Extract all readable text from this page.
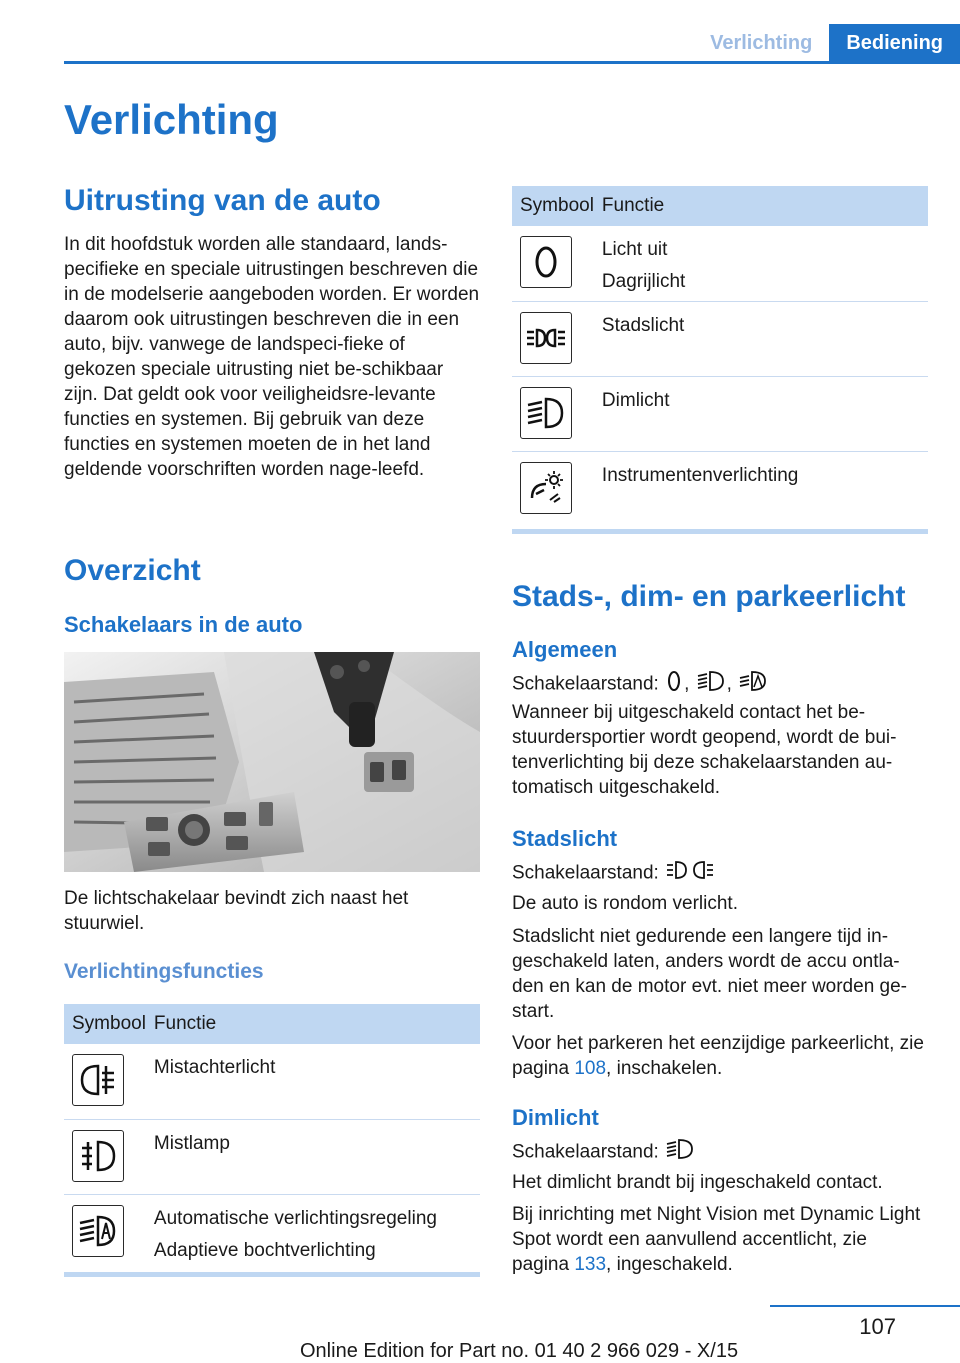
Verlichting	Bediening
Verlichting
Uitrusting van de auto

In dit hoofdstuk worden alle standaard, lands-pecifieke en speciale uitrustingen beschreven die in de modelserie aangeboden worden. Er worden daarom ook uitrustingen beschreven die in een auto, bijv. vanwege de landspeci-fieke of gekozen speciale uitrusting niet be-schikbaar zijn. Dat geldt ook voor veiligheidsre-levante functies en systemen. Bij gebruik van deze functies en systemen moeten de in het land geldende voorschriften worden nage-leefd.

Overzicht
Schakelaars in de auto

De lichtschakelaar bevindt zich naast het stuurwiel.

Verlichtingsfuncties
Symbool	Functie

Mistachterlicht

Mistlamp

Automatische verlichtingsregeling
Adaptieve bochtverlichting
Symbool	Functie

Licht uit
Dagrijlicht

Stadslicht

Dimlicht

Instrumentenverlichting
Stads-, dim- en parkeerlicht
Algemeen

Schakelaarstand: , ,

Wanneer bij uitgeschakeld contact het be-stuurdersportier wordt geopend, wordt de bui-tenverlichting bij deze schakelaarstanden au-tomatisch uitgeschakeld.

Stadslicht

Schakelaarstand:

De auto is rondom verlicht.

Stadslicht niet gedurende een langere tijd in-geschakeld laten, anders wordt de accu ontla-den en kan de motor evt. niet meer worden ge-start.

Voor het parkeren het eenzijdige parkeerlicht, zie pagina 108, inschakelen.

Dimlicht

Schakelaarstand:

Het dimlicht brandt bij ingeschakeld contact.

Bij inrichting met Night Vision met Dynamic Light Spot wordt een aanvullend accentlicht, zie pagina 133, ingeschakeld.

107
Online Edition for Part no. 01 40 2 966 029 - X/15
